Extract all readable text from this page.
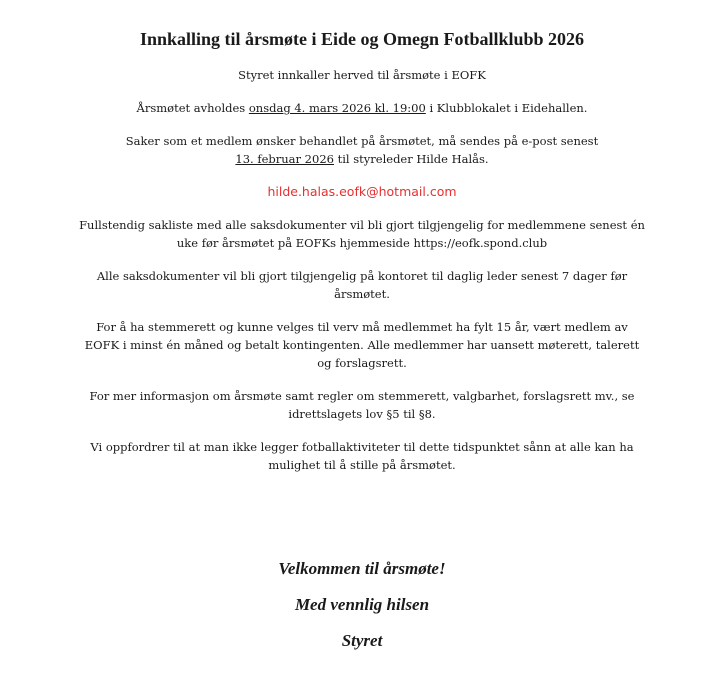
Innkalling til årsmøte i Eide og Omegn Fotballklubb 2026

Styret innkaller herved til årsmøte i EOFK

Årsmøtet avholdes onsdag 4. mars 2026 kl. 19:00 i Klubblokalet i Eidehallen.

Saker som et medlem ønsker behandlet på årsmøtet, må sendes på e-post senest
13. februar 2026 til styreleder Hilde Halås.

hilde.halas.eofk@hotmail.com

Fullstendig sakliste med alle saksdokumenter vil bli gjort tilgjengelig for medlemmene senest én
uke før årsmøtet på EOFKs hjemmeside https://eofk.spond.club

Alle saksdokumenter vil bli gjort tilgjengelig på kontoret til daglig leder senest 7 dager før
årsmøtet.

For å ha stemmerett og kunne velges til verv må medlemmet ha fylt 15 år, vært medlem av
EOFK i minst én måned og betalt kontingenten. Alle medlemmer har uansett møterett, talerett
og forslagsrett.

For mer informasjon om årsmøte samt regler om stemmerett, valgbarhet, forslagsrett mv., se
idrettslagets lov §5 til §8.

Vi oppfordrer til at man ikke legger fotballaktiviteter til dette tidspunktet sånn at alle kan ha
mulighet til å stille på årsmøtet.

Velkommen til årsmøte!
Med vennlig hilsen
Styret
